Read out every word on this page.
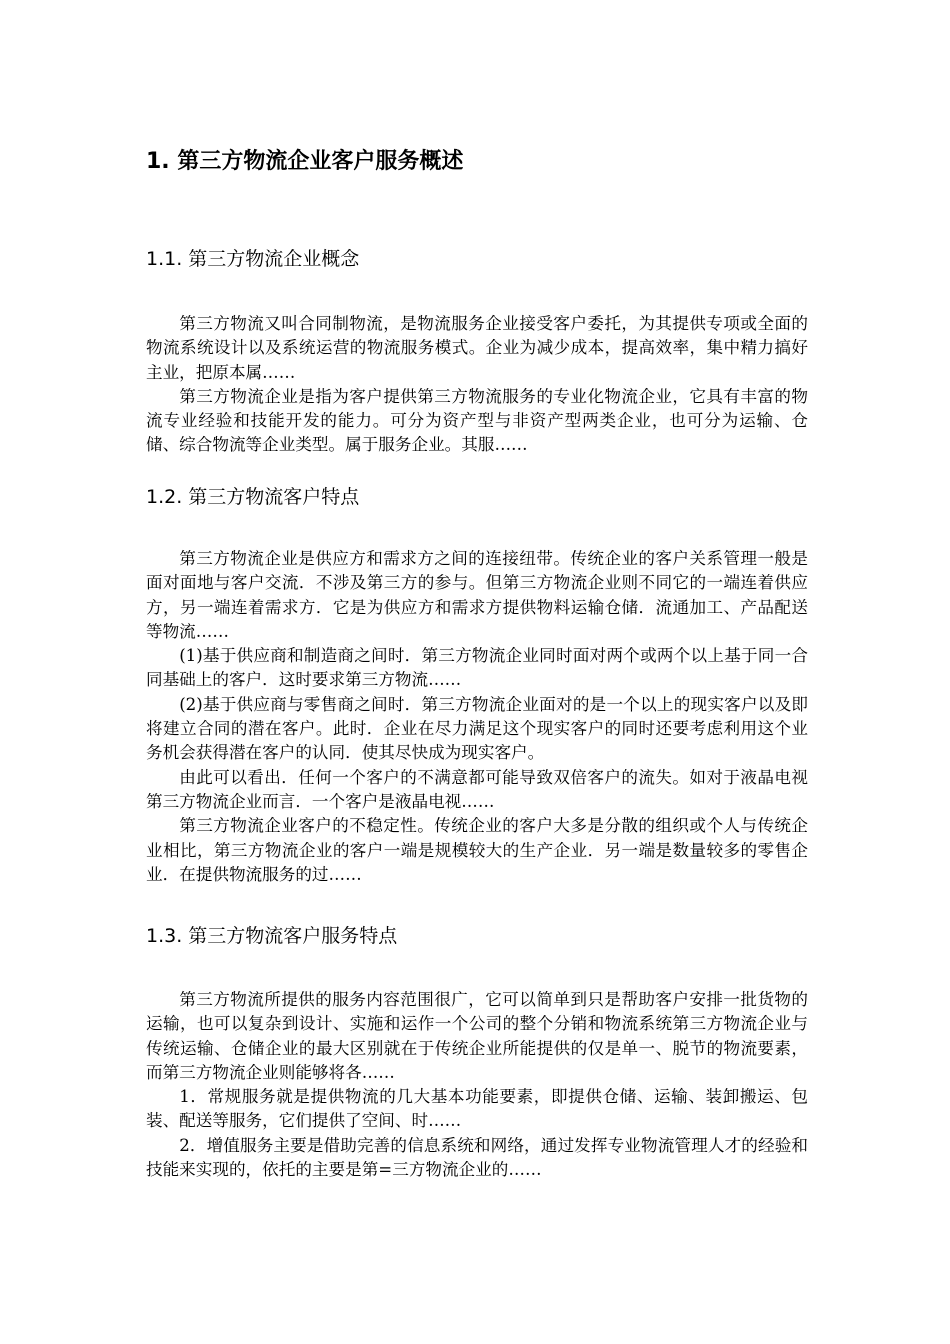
1. 第三方物流企业客户服务概述
1.1. 第三方物流企业概念

第三方物流又叫合同制物流，是物流服务企业接受客户委托，为其提供专项或全面的物流系统设计以及系统运营的物流服务模式。企业为减少成本，提高效率，集中精力搞好主业，把原本属……

第三方物流企业是指为客户提供第三方物流服务的专业化物流企业，它具有丰富的物流专业经验和技能开发的能力。可分为资产型与非资产型两类企业，也可分为运输、仓储、综合物流等企业类型。属于服务企业。其服……

1.2. 第三方物流客户特点

第三方物流企业是供应方和需求方之间的连接纽带。传统企业的客户关系管理一般是面对面地与客户交流．不涉及第三方的参与。但第三方物流企业则不同它的一端连着供应方，另一端连着需求方．它是为供应方和需求方提供物料运输仓储．流通加工、产品配送等物流……

(1)基于供应商和制造商之间时．第三方物流企业同时面对两个或两个以上基于同一合同基础上的客户．这时要求第三方物流……

(2)基于供应商与零售商之间时．第三方物流企业面对的是一个以上的现实客户以及即将建立合同的潜在客户。此时．企业在尽力满足这个现实客户的同时还要考虑利用这个业务机会获得潜在客户的认同．使其尽快成为现实客户。

由此可以看出．任何一个客户的不满意都可能导致双倍客户的流失。如对于液晶电视第三方物流企业而言．一个客户是液晶电视……

第三方物流企业客户的不稳定性。传统企业的客户大多是分散的组织或个人与传统企业相比，第三方物流企业的客户一端是规模较大的生产企业．另一端是数量较多的零售企业．在提供物流服务的过……

1.3. 第三方物流客户服务特点

第三方物流所提供的服务内容范围很广，它可以简单到只是帮助客户安排一批货物的运输，也可以复杂到设计、实施和运作一个公司的整个分销和物流系统第三方物流企业与传统运输、仓储企业的最大区别就在于传统企业所能提供的仅是单一、脱节的物流要素，而第三方物流企业则能够将各……

1．常规服务就是提供物流的几大基本功能要素，即提供仓储、运输、装卸搬运、包装、配送等服务，它们提供了空间、时……

2．增值服务主要是借助完善的信息系统和网络，通过发挥专业物流管理人才的经验和技能来实现的，依托的主要是第=三方物流企业的……
